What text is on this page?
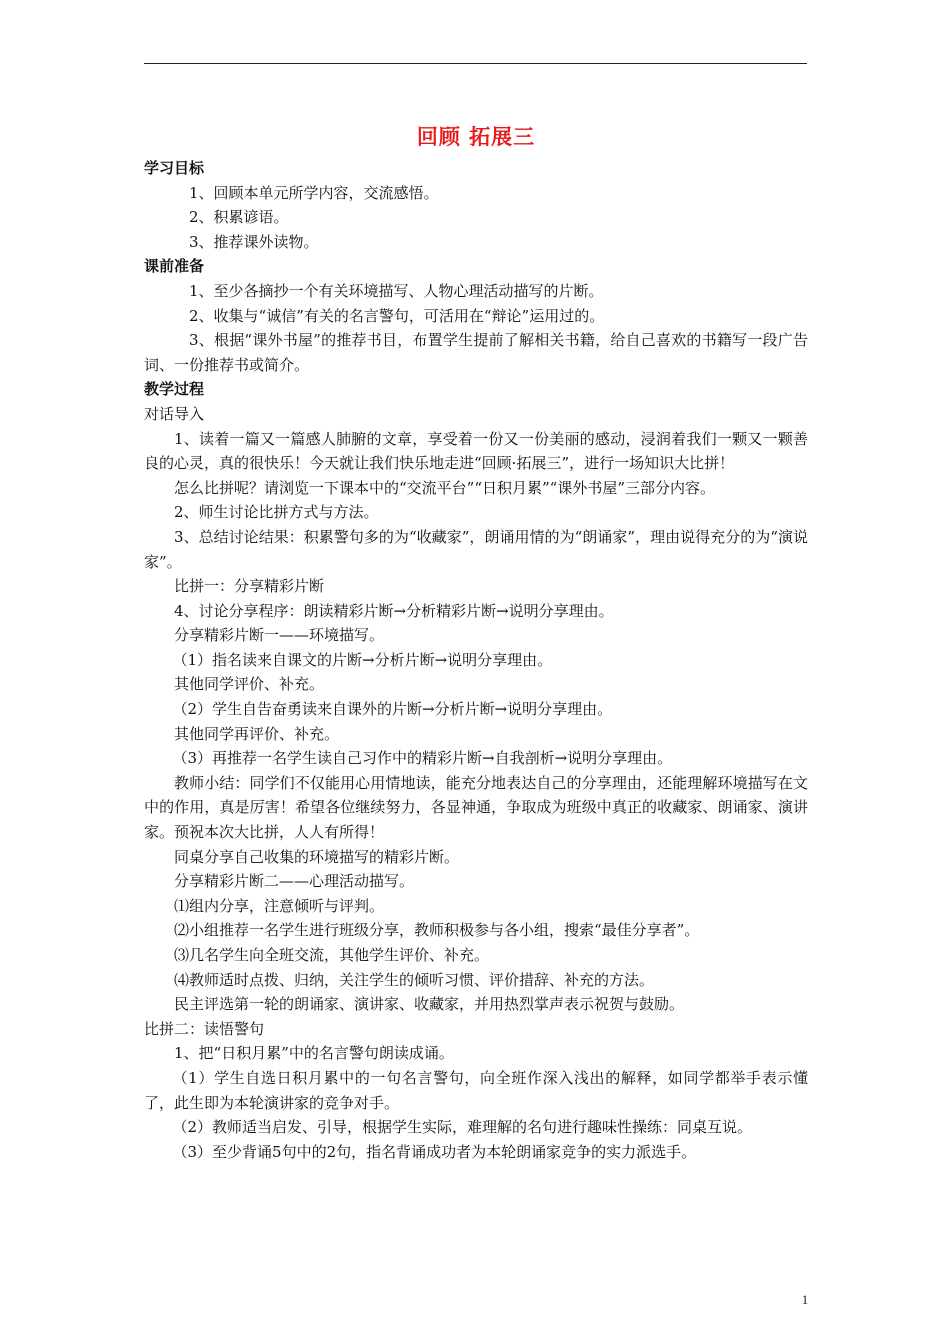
回顾 拓展三
学习目标
1、回顾本单元所学内容，交流感悟。
2、积累谚语。
3、推荐课外读物。
课前准备
1、至少各摘抄一个有关环境描写、人物心理活动描写的片断。
2、收集与“诚信”有关的名言警句，可活用在“辩论”运用过的。
3、根据“课外书屋”的推荐书目，布置学生提前了解相关书籍，给自己喜欢的书籍写一段广告词、一份推荐书或简介。
教学过程
对话导入
1、读着一篇又一篇感人肺腑的文章，享受着一份又一份美丽的感动，浸润着我们一颗又一颗善良的心灵，真的很快乐！今天就让我们快乐地走进“回顾·拓展三”，进行一场知识大比拼！
怎么比拼呢？请浏览一下课本中的“交流平台”“日积月累”“课外书屋”三部分内容。
2、师生讨论比拼方式与方法。
3、总结讨论结果：积累警句多的为“收藏家”，朗诵用情的为“朗诵家”，理由说得充分的为“演说家”。
比拼一：分享精彩片断
4、讨论分享程序：朗读精彩片断→分析精彩片断→说明分享理由。
分享精彩片断一——环境描写。
（1）指名读来自课文的片断→分析片断→说明分享理由。
其他同学评价、补充。
（2）学生自告奋勇读来自课外的片断→分析片断→说明分享理由。
其他同学再评价、补充。
（3）再推荐一名学生读自己习作中的精彩片断→自我剖析→说明分享理由。
教师小结：同学们不仅能用心用情地读，能充分地表达自己的分享理由，还能理解环境描写在文中的作用，真是厉害！希望各位继续努力，各显神通，争取成为班级中真正的收藏家、朗诵家、演讲家。预祝本次大比拼，人人有所得！
同桌分享自己收集的环境描写的精彩片断。
分享精彩片断二——心理活动描写。
⑴组内分享，注意倾听与评判。
⑵小组推荐一名学生进行班级分享，教师积极参与各小组，搜索“最佳分享者”。
⑶几名学生向全班交流，其他学生评价、补充。
⑷教师适时点拨、归纳，关注学生的倾听习惯、评价措辞、补充的方法。
民主评选第一轮的朗诵家、演讲家、收藏家，并用热烈掌声表示祝贺与鼓励。
比拼二：读悟警句
1、把“日积月累”中的名言警句朗读成诵。
（1）学生自选日积月累中的一句名言警句，向全班作深入浅出的解释，如同学都举手表示懂了，此生即为本轮演讲家的竞争对手。
（2）教师适当启发、引导，根据学生实际，难理解的名句进行趣味性操练：同桌互说。
（3）至少背诵5句中的2句，指名背诵成功者为本轮朗诵家竞争的实力派选手。
1
